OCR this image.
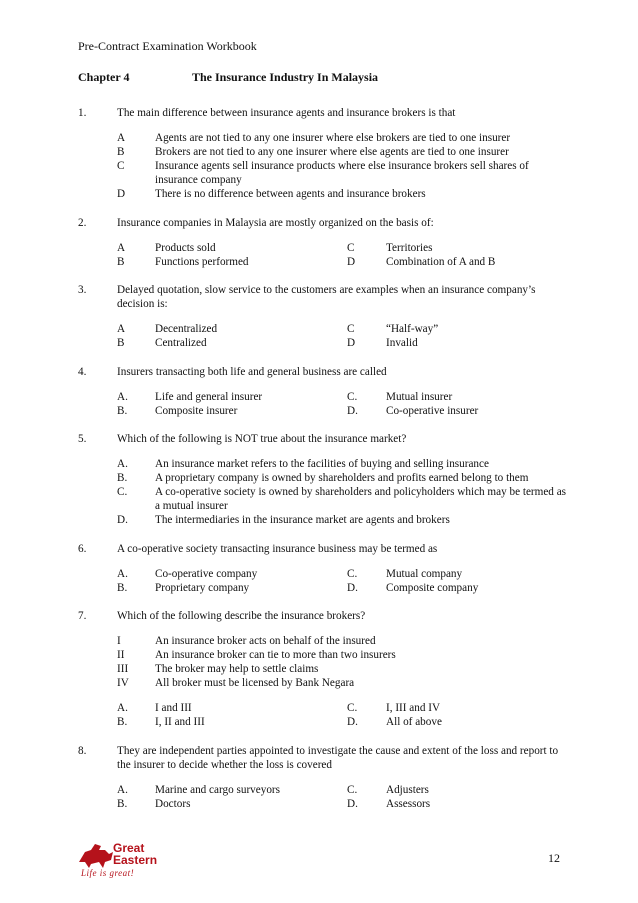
Pre-Contract Examination Workbook
Chapter 4	The Insurance Industry In Malaysia
1.	The main difference between insurance agents and insurance brokers is that
A	Agents are not tied to any one insurer where else brokers are tied to one insurer
B	Brokers are not tied to any one insurer where else agents are tied to one insurer
C	Insurance agents sell insurance products where else insurance brokers sell shares of insurance company
D	There is no difference between agents and insurance brokers
2.	Insurance companies in Malaysia are mostly organized on the basis of:
A	Products sold	C	Territories
B	Functions performed	D	Combination of A and B
3.	Delayed quotation, slow service to the customers are examples when an insurance company’s decision is:
A	Decentralized	C	“Half-way”
B	Centralized	D	Invalid
4.	Insurers transacting both life and general business are called
A. Life and general insurer	C.	Mutual insurer
B. Composite insurer	D.	Co-operative insurer
5.	Which of the following is NOT true about the insurance market?
A. An insurance market refers to the facilities of buying and selling insurance
B. A proprietary company is owned by shareholders and profits earned belong to them
C. A co-operative society is owned by shareholders and policyholders which may be termed as a mutual insurer
D. The intermediaries in the insurance market are agents and brokers
6.	A co-operative society transacting insurance business may be termed as
A. Co-operative company	C.	Mutual company
B. Proprietary company	D.	Composite company
7.	Which of the following describe the insurance brokers?
I	An insurance broker acts on behalf of the insured
II	An insurance broker can tie to more than two insurers
III The broker may help to settle claims
IV All broker must be licensed by Bank Negara
A. I and III	C.	I, III and IV
B. I, II and III	D.	All of above
8.	They are independent parties appointed to investigate the cause and extent of the loss and report to the insurer to decide whether the loss is covered
A. Marine and cargo surveyors	C.	Adjusters
B. Doctors	D.	Assessors
Great
Eastern
Life is great!
12
